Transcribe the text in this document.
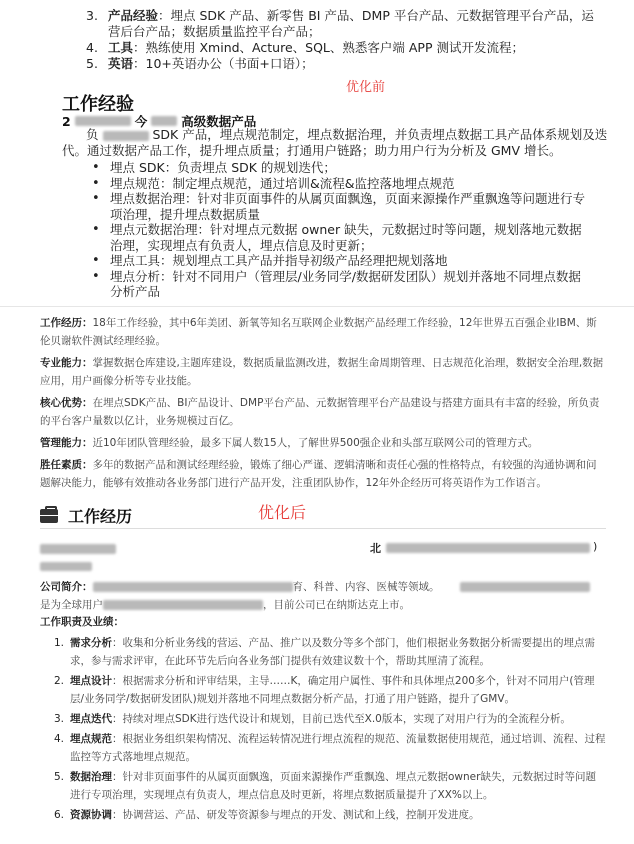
3. 产品经验：埋点 SDK 产品、新零售 BI 产品、DMP 平台产品、元数据管理平台产品，运营后台产品；数据质量监控平台产品；
4. 工具：熟练使用 Xmind、Acture、SQL、熟悉客户端 APP 测试开发流程；
5. 英语：10+英语办公（书面+口语）；
优化前
工作经验
2	今	高级数据产品

负	SDK 产品，埋点规范制定，埋点数据治理，并负责埋点数据工具产品体系规划及迭代。通过数据产品工作，提升埋点质量；打通用户链路；助力用户行为分析及 GMV 增长。

• 埋点 SDK：负责埋点 SDK 的规划迭代；
• 埋点规范：制定埋点规范，通过培训&流程&监控落地埋点规范
• 埋点数据治理：针对非页面事件的从属页面飘逸，页面来源操作严重飘逸等问题进行专项治理，提升埋点数据质量
• 埋点元数据治理：针对埋点元数据 owner 缺失，元数据过时等问题，规划落地元数据治理，实现埋点有负责人，埋点信息及时更新；
• 埋点工具：规划埋点工具产品并指导初级产品经理把规划落地
• 埋点分析：针对不同用户（管理层/业务同学/数据研发团队）规划并落地不同埋点数据分析产品

工作经历：18年工作经验，其中6年美团、新氧等知名互联网企业数据产品经理工作经验，12年世界五百强企业IBM、斯伦贝谢软件测试经理经验。

专业能力：掌握数据仓库建设,主题库建设，数据质量监测改进，数据生命周期管理、日志规范化治理，数据安全治理,数据应用，用户画像分析等专业技能。

核心优势：在埋点SDK产品、BI产品设计、DMP平台产品、元数据管理平台产品建设与搭建方面具有丰富的经验，所负责的平台客户量数以亿计，业务规模过百亿。

管理能力：近10年团队管理经验，最多下属人数15人，了解世界500强企业和头部互联网公司的管理方式。

胜任素质：多年的数据产品和测试经理经验，锻炼了细心严谨、逻辑清晰和责任心强的性格特点，有较强的沟通协调和问题解决能力，能够有效推动各业务部门进行产品开发，注重团队协作，12年外企经历可将英语作为工作语言。

工作经历	优化后
北	)
公司简介：	育、科普、内容、医械等领域。
是为全球用户	，目前公司已在纳斯达克上市。
工作职责及业绩：
1. 需求分析：收集和分析业务线的营运、产品、推广以及数分等多个部门，他们根据业务数据分析需要提出的埋点需求，参与需求评审，在此环节先后向各业务部门提供有效建议数十个，帮助其厘清了流程。
2. 埋点设计：根据需求分析和评审结果，主导……K，确定用户属性、事件和具体埋点200多个，针对不同用户(管理层/业务同学/数据研发团队)规划并落地不同埋点数据分析产品，打通了用户链路，提升了GMV。
3. 埋点迭代：持续对埋点SDK进行迭代设计和规划，目前已迭代至X.0版本，实现了对用户行为的全流程分析。
4. 埋点规范：根据业务组织架构情况、流程运转情况进行埋点流程的规范、流量数据使用规范，通过培训、流程、过程监控等方式落地埋点规范。
5. 数据治理：针对非页面事件的从属页面飘逸，页面来源操作严重飘逸、埋点元数据owner缺失，元数据过时等问题进行专项治理，实现埋点有负责人，埋点信息及时更新，将埋点数据质量提升了XX%以上。
6. 资源协调：协调营运、产品、研发等资源参与埋点的开发、测试和上线，控制开发进度。
